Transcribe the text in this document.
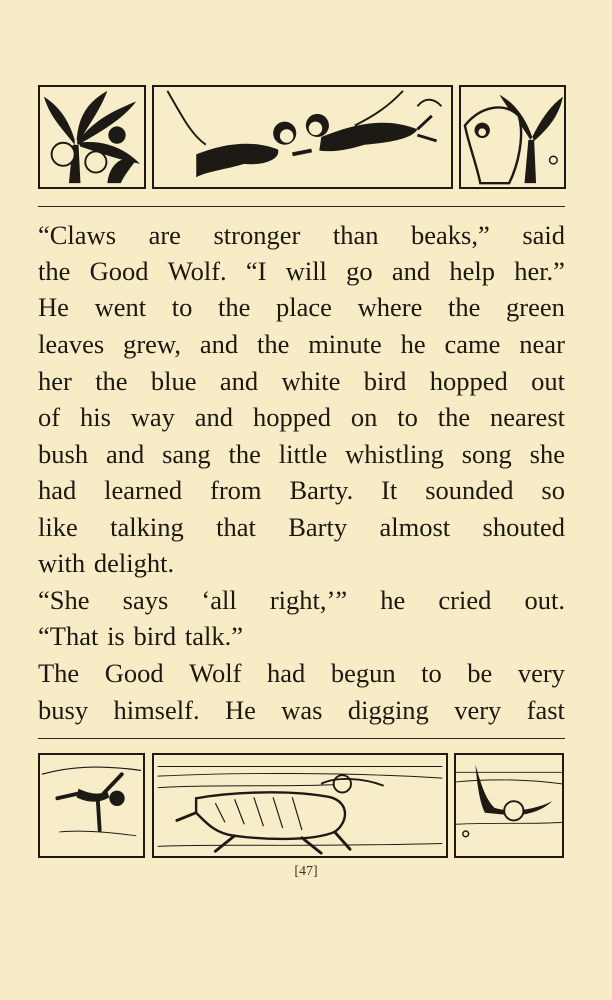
“Claws are stronger than beaks,” said
the Good Wolf. “I will go and help her.”
He went to the place where the green
leaves grew, and the minute he came near
her the blue and white bird hopped out
of his way and hopped on to the nearest
bush and sang the little whistling song she
had learned from Barty. It sounded so
like talking that Barty almost shouted
with delight.
“She says ‘all right,’” he cried out.
“That is bird talk.”
The Good Wolf had begun to be very
busy himself. He was digging very fast
[47]
